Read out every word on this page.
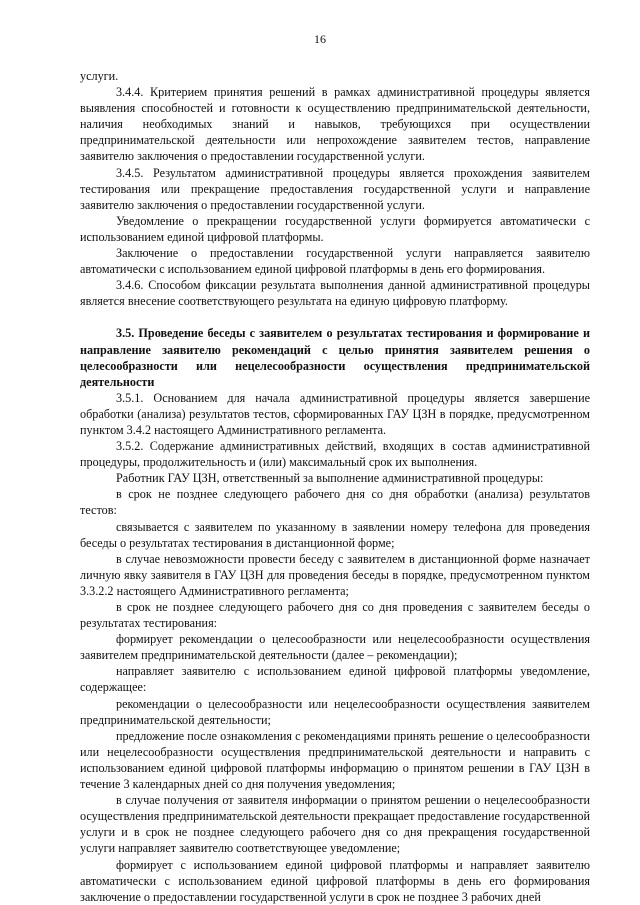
16

услуги.

3.4.4. Критерием принятия решений в рамках административной процедуры является выявления способностей и готовности к осуществлению предпринимательской деятельности, наличия необходимых знаний и навыков, требующихся при осуществлении предпринимательской деятельности или непрохождение заявителем тестов, направление заявителю заключения о предоставлении государственной услуги.

3.4.5. Результатом административной процедуры является прохождения заявителем тестирования или прекращение предоставления государственной услуги и направление заявителю заключения о предоставлении государственной услуги.

Уведомление о прекращении государственной услуги формируется автоматически с использованием единой цифровой платформы.

Заключение о предоставлении государственной услуги направляется заявителю автоматически с использованием единой цифровой платформы в день его формирования.

3.4.6. Способом фиксации результата выполнения данной административной процедуры является внесение соответствующего результата на единую цифровую платформу.

3.5. Проведение беседы с заявителем о результатах тестирования и формирование и направление заявителю рекомендаций с целью принятия заявителем решения о целесообразности или нецелесообразности осуществления предпринимательской деятельности

3.5.1. Основанием для начала административной процедуры является завершение обработки (анализа) результатов тестов, сформированных ГАУ ЦЗН в порядке, предусмотренном пунктом 3.4.2 настоящего Административного регламента.

3.5.2. Содержание административных действий, входящих в состав административной процедуры, продолжительность и (или) максимальный срок их выполнения.

Работник ГАУ ЦЗН, ответственный за выполнение административной процедуры:

в срок не позднее следующего рабочего дня со дня обработки (анализа) результатов тестов:

связывается с заявителем по указанному в заявлении номеру телефона для проведения беседы о результатах тестирования в дистанционной форме;

в случае невозможности провести беседу с заявителем в дистанционной форме назначает личную явку заявителя в ГАУ ЦЗН для проведения беседы в порядке, предусмотренном пунктом 3.3.2.2 настоящего Административного регламента;

в срок не позднее следующего рабочего дня со дня проведения с заявителем беседы о результатах тестирования:

формирует рекомендации о целесообразности или нецелесообразности осуществления заявителем предпринимательской деятельности (далее – рекомендации);

направляет заявителю с использованием единой цифровой платформы уведомление, содержащее:

рекомендации о целесообразности или нецелесообразности осуществления заявителем предпринимательской деятельности;

предложение после ознакомления с рекомендациями принять решение о целесообразности или нецелесообразности осуществления предпринимательской деятельности и направить с использованием единой цифровой платформы информацию о принятом решении в ГАУ ЦЗН в течение 3 календарных дней со дня получения уведомления;

в случае получения от заявителя информации о принятом решении о нецелесообразности осуществления предпринимательской деятельности прекращает предоставление государственной услуги и в срок не позднее следующего рабочего дня со дня прекращения государственной услуги направляет заявителю соответствующее уведомление;

формирует с использованием единой цифровой платформы и направляет заявителю автоматически с использованием единой цифровой платформы в день его формирования заключение о предоставлении государственной услуги в срок не позднее 3 рабочих дней
